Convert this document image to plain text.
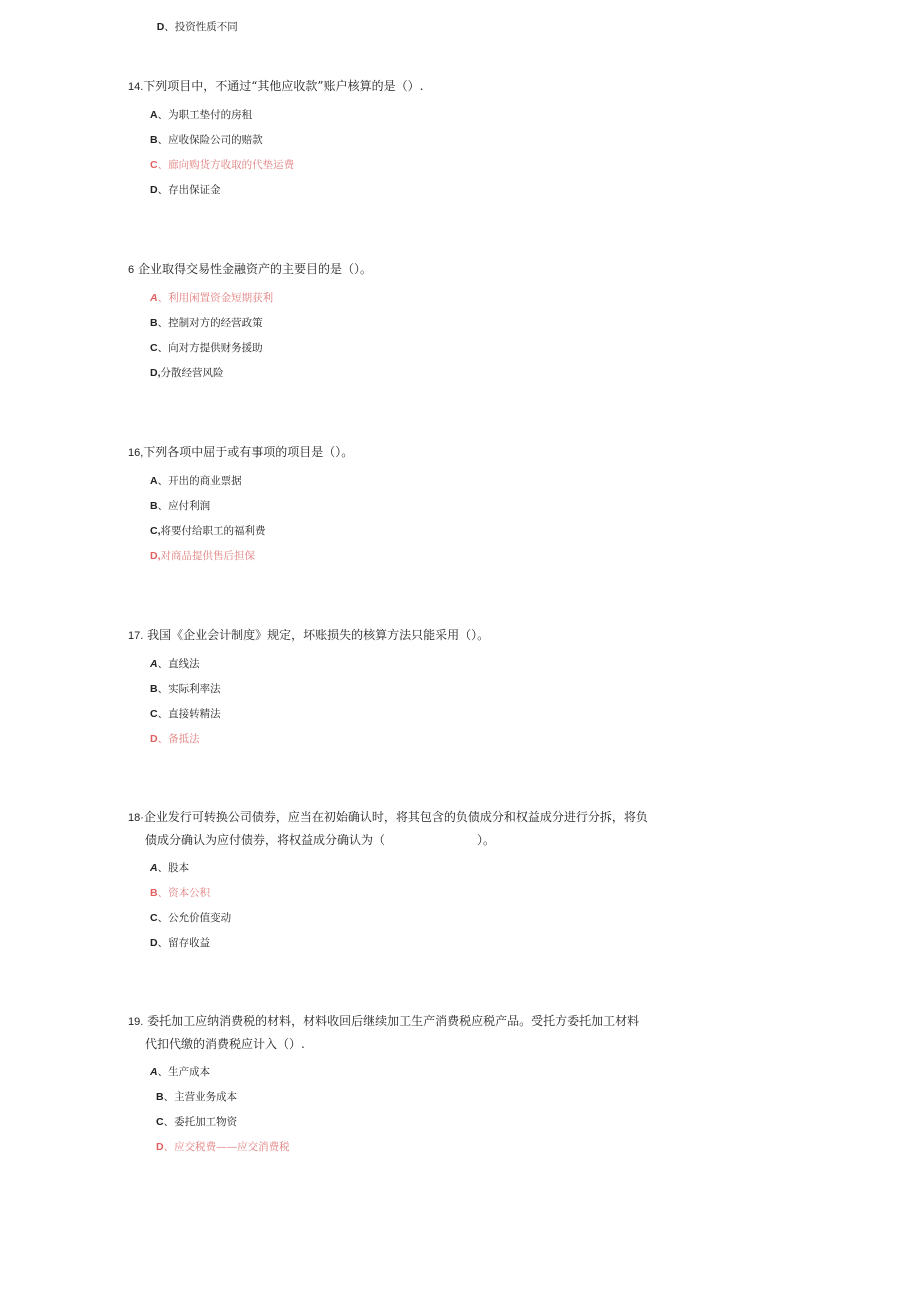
D、投资性质不同

14.下列项目中，不通过“其他应收款”账户核算的是（）.

A、为职工垫付的房租
B、应收保险公司的赔款
C、廊向购货方收取的代垫运费
D、存出保证金

6 企业取得交易性金融资产的主要目的是（）。

A、利用闲置资金短期获利
B、控制对方的经营政策
C、向对方提供财务援助
D,分散经营风险

16,下列各项中屈于或有事项的项目是（）。

A、开出的商业票据
B、应付利润
C,将要付给职工的福利费
D,对商品提供售后担保

17. 我国《企业会计制度》规定，坏账损失的核算方法只能采用（）。

A、直线法
B、实际利率法
C、直接转精法
D、备抵法

18·企业发行可转换公司债券，应当在初始确认时，将其包含的负债成分和权益成分进行分拆，将负

债成分确认为应付债券，将权益成分确认为（	）。

A、股本
B、资本公积
C、公允价值变动
D、留存收益

19. 委托加工应纳消费税的材料，材料收回后继续加工生产消费税应税产品。受托方委托加工材料

代扣代缴的消费税应计入（）.

A、生产成本
B、主营业务成本
C、委托加工物资
D、应交税费——应交消费税
